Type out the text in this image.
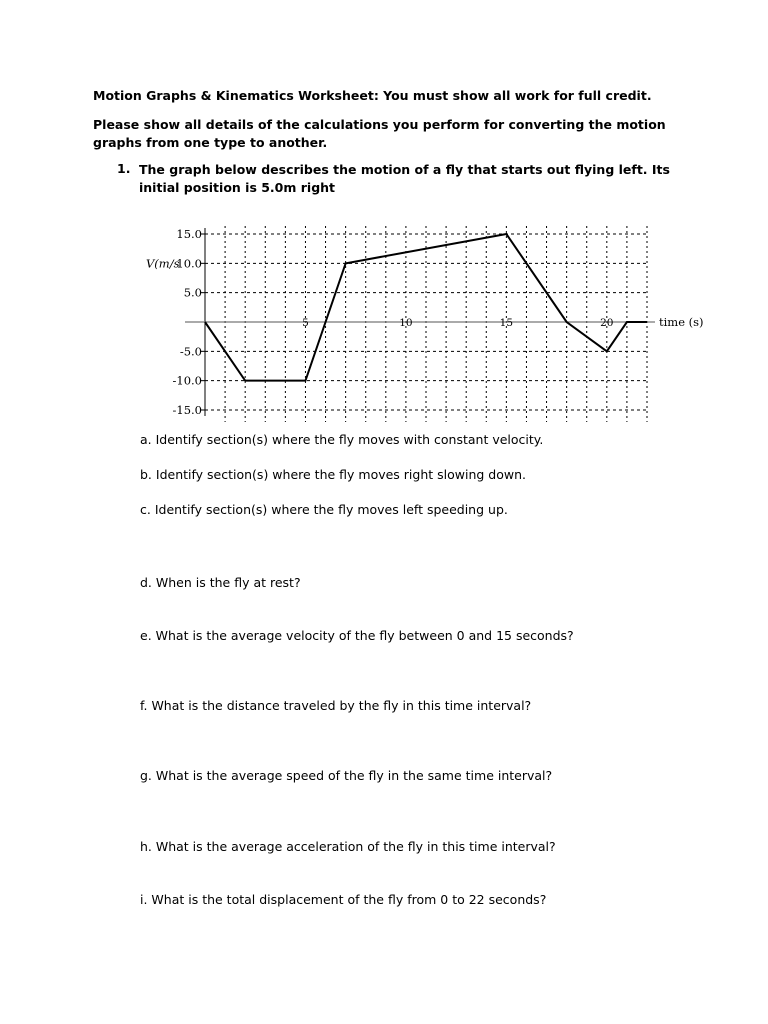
Motion Graphs & Kinematics Worksheet: You must show all work for full credit.
Please show all details of the calculations you perform for converting the motion graphs from one type to another.
1. The graph below describes the motion of a fly that starts out flying left. Its initial position is 5.0m right
15.0
10.0
5.0
-5.0
-10.0
-15.0
V(m/s
5	10	15	20	time (s)
a. Identify section(s) where the fly moves with constant velocity.
b. Identify section(s) where the fly moves right slowing down.
c. Identify section(s) where the fly moves left speeding up.
d. When is the fly at rest?
e. What is the average velocity of the fly between 0 and 15 seconds?
f. What is the distance traveled by the fly in this time interval?
g. What is the average speed of the fly in the same time interval?
h. What is the average acceleration of the fly in this time interval?
i. What is the total displacement of the fly from 0 to 22 seconds?
